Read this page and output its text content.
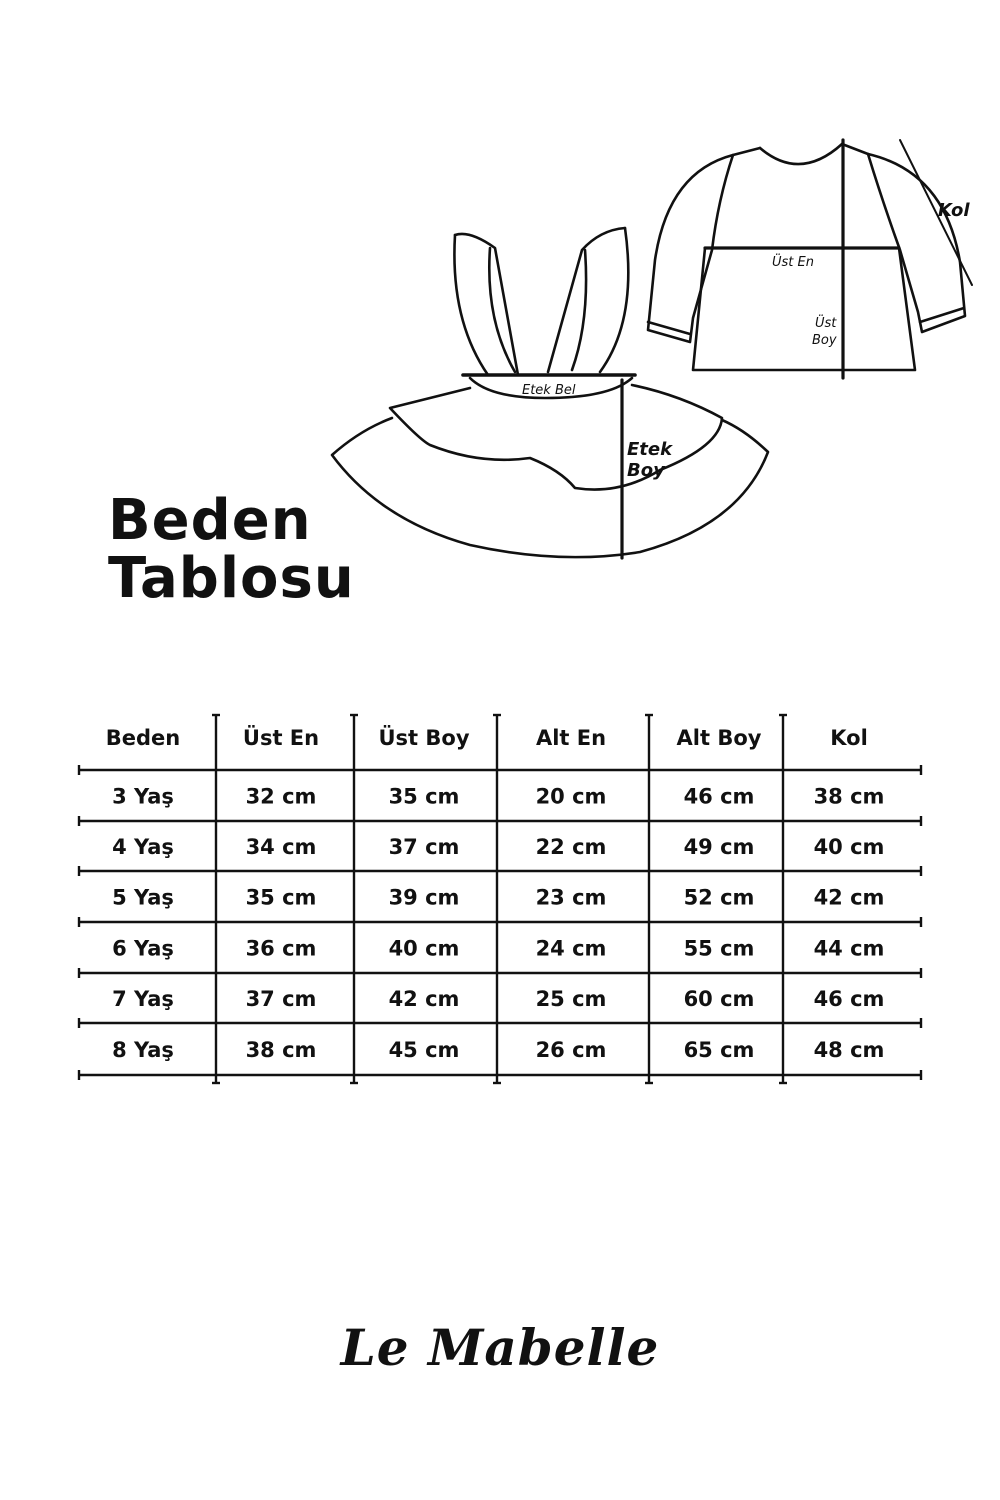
Kol
Üst En
Üst
Boy
Etek Bel
Etek
Boy
Beden
Tablosu
Beden	Üst En	Üst Boy	Alt En	Alt Boy	Kol
3 Yaş	32 cm	35 cm	20 cm	46 cm	38 cm
4 Yaş	34 cm	37 cm	22 cm	49 cm	40 cm
5 Yaş	35 cm	39 cm	23 cm	52 cm	42 cm
6 Yaş	36 cm	40 cm	24 cm	55 cm	44 cm
7 Yaş	37 cm	42 cm	25 cm	60 cm	46 cm
8 Yaş	38 cm	45 cm	26 cm	65 cm	48 cm
Le Mabelle
